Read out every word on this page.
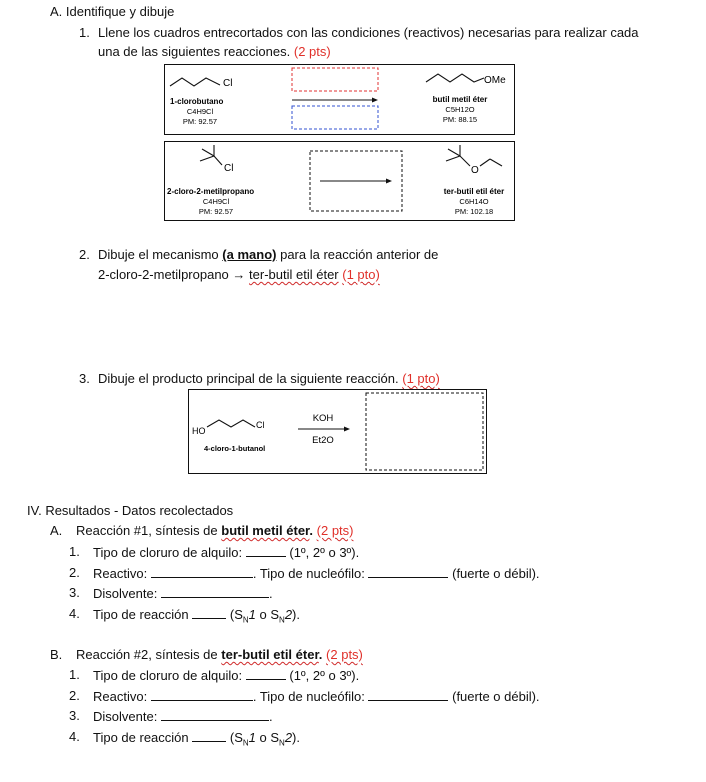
A. Identifique y dibuje
1. Llene los cuadros entrecortados con las condiciones (reactivos) necesarias para realizar cada
una de las siguientes reacciones. (2 pts)
Cl
1-clorobutano
C4H9Cl
PM: 92.57
OMe
butil metil éter
C5H12O
PM: 88.15
Cl
2-cloro-2-metilpropano
C4H9Cl
PM: 92.57
O
ter-butil etil éter
C6H14O
PM: 102.18
2. Dibuje el mecanismo (a mano) para la reacción anterior de
2-cloro-2-metilpropano → ter-butil etil éter (1 pto)
3. Dibuje el producto principal de la siguiente reacción. (1 pto)
HO
Cl
4-cloro-1-butanol
KOH
Et2O
IV. Resultados - Datos recolectados
A. Reacción #1, síntesis de butil metil éter. (2 pts)
1. Tipo de cloruro de alquilo:	(1º, 2º o 3º).
2. Reactivo:	. Tipo de nucleófilo:	(fuerte o débil).
3. Disolvente:	.
4. Tipo de reacción	($S_N1$ o $S_N2$).
B. Reacción #2, síntesis de ter-butil etil éter. (2 pts)
1. Tipo de cloruro de alquilo:	(1º, 2º o 3º).
2. Reactivo:	. Tipo de nucleófilo:	(fuerte o débil).
3. Disolvente:	.
4. Tipo de reacción	($S_N1$ o $S_N2$).
